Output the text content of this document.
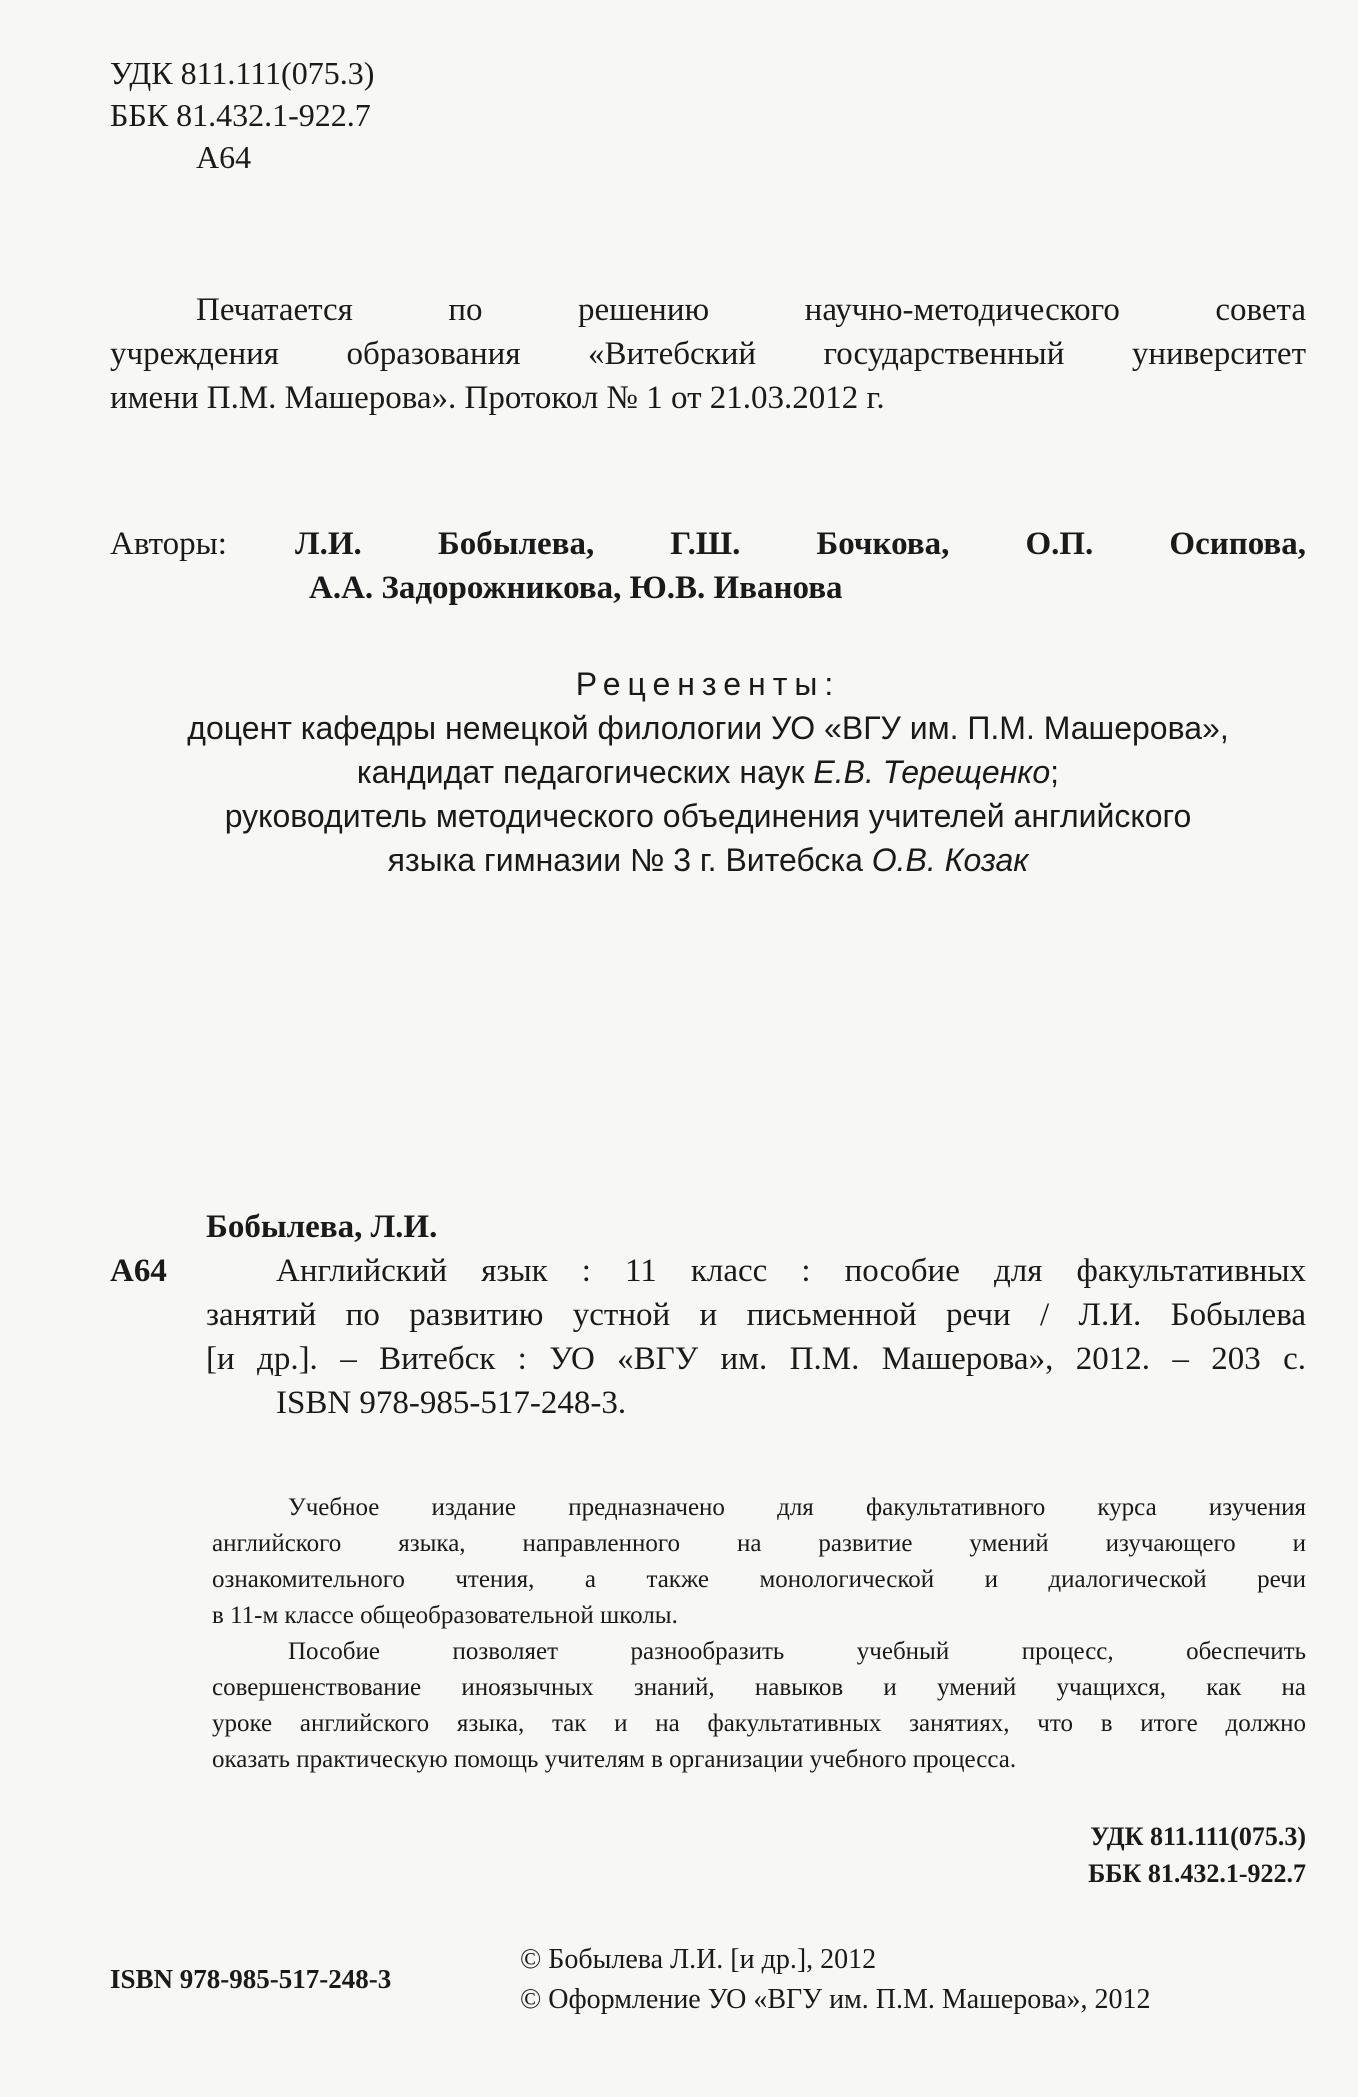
УДК 811.111(075.3)
ББК 81.432.1-922.7
А64
Печатается по решению научно-методического совета
учреждения образования «Витебский государственный университет
имени П.М. Машерова». Протокол № 1 от 21.03.2012 г.
Авторы:	Л.И. Бобылева, Г.Ш. Бочкова, О.П. Осипова,
А.А. Задорожникова, Ю.В. Иванова
Рецензенты:
доцент кафедры немецкой филологии УО «ВГУ им. П.М. Машерова»,
кандидат педагогических наук Е.В. Терещенко;
руководитель методического объединения учителей английского
языка гимназии № 3 г. Витебска О.В. Козак
Бобылева, Л.И.
А64	Английский язык : 11 класс : пособие для факультативных
занятий по развитию устной и письменной речи / Л.И. Бобылева
[и др.]. – Витебск : УО «ВГУ им. П.М. Машерова», 2012. – 203 с.
ISBN 978-985-517-248-3.
Учебное издание предназначено для факультативного курса изучения
английского языка, направленного на развитие умений изучающего и
ознакомительного чтения, а также монологической и диалогической речи
в 11-м классе общеобразовательной школы.
Пособие позволяет разнообразить учебный процесс, обеспечить
совершенствование иноязычных знаний, навыков и умений учащихся, как на
уроке английского языка, так и на факультативных занятиях, что в итоге должно
оказать практическую помощь учителям в организации учебного процесса.
УДК 811.111(075.3)
ББК 81.432.1-922.7
ISBN 978-985-517-248-3
© Бобылева Л.И. [и др.], 2012
© Оформление УО «ВГУ им. П.М. Машерова», 2012
